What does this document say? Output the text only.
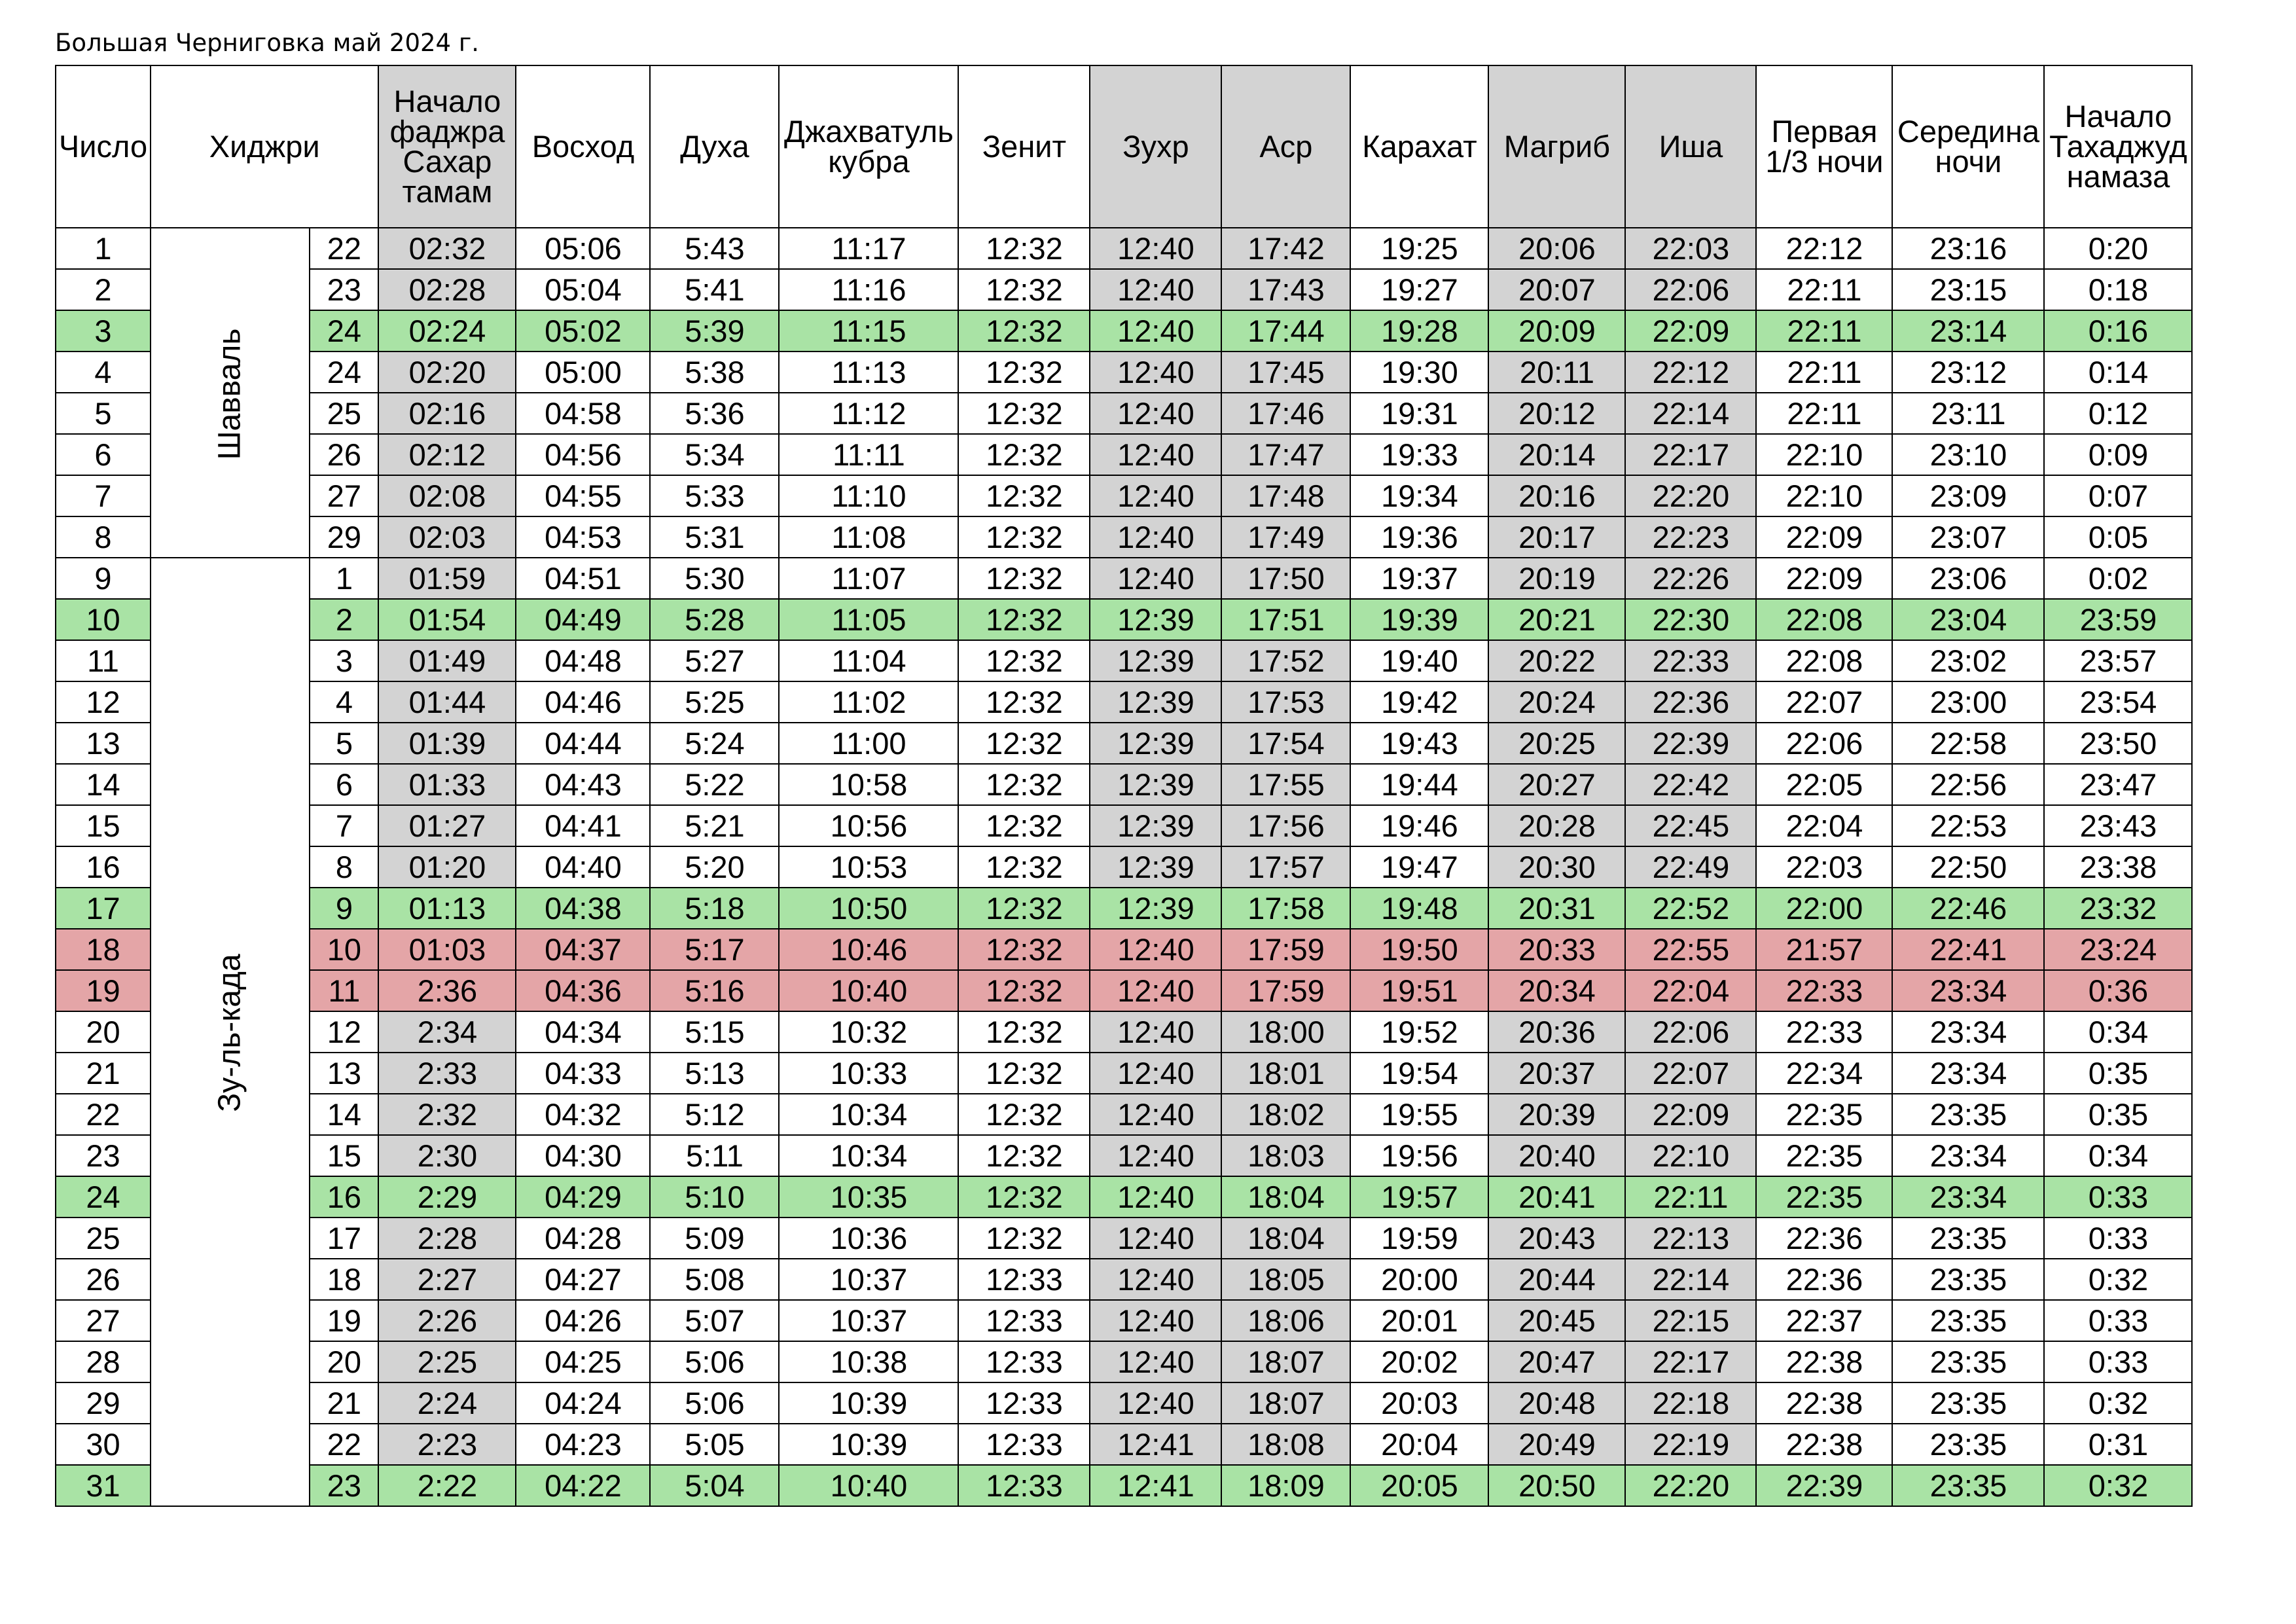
Большая Черниговка май 2024 г.
Число	Хиджри		Начало
фаджра
Сахар
тамам	Восход	Духа	Джахватуль
кубра	Зенит	Зухр	Аср	Карахат	Магриб	Иша	Первая
1/3 ночи	Середина
ночи	Начало
Тахаджуд
намаза
1	Шавваль	22	02:32	05:06	5:43	11:17	12:32	12:40	17:42	19:25	20:06	22:03	22:12	23:16	0:20
2		23	02:28	05:04	5:41	11:16	12:32	12:40	17:43	19:27	20:07	22:06	22:11	23:15	0:18
3		24	02:24	05:02	5:39	11:15	12:32	12:40	17:44	19:28	20:09	22:09	22:11	23:14	0:16
4		24	02:20	05:00	5:38	11:13	12:32	12:40	17:45	19:30	20:11	22:12	22:11	23:12	0:14
5		25	02:16	04:58	5:36	11:12	12:32	12:40	17:46	19:31	20:12	22:14	22:11	23:11	0:12
6		26	02:12	04:56	5:34	11:11	12:32	12:40	17:47	19:33	20:14	22:17	22:10	23:10	0:09
7		27	02:08	04:55	5:33	11:10	12:32	12:40	17:48	19:34	20:16	22:20	22:10	23:09	0:07
8		29	02:03	04:53	5:31	11:08	12:32	12:40	17:49	19:36	20:17	22:23	22:09	23:07	0:05
9	Зу-ль-када	1	01:59	04:51	5:30	11:07	12:32	12:40	17:50	19:37	20:19	22:26	22:09	23:06	0:02
10		2	01:54	04:49	5:28	11:05	12:32	12:39	17:51	19:39	20:21	22:30	22:08	23:04	23:59
11		3	01:49	04:48	5:27	11:04	12:32	12:39	17:52	19:40	20:22	22:33	22:08	23:02	23:57
12		4	01:44	04:46	5:25	11:02	12:32	12:39	17:53	19:42	20:24	22:36	22:07	23:00	23:54
13		5	01:39	04:44	5:24	11:00	12:32	12:39	17:54	19:43	20:25	22:39	22:06	22:58	23:50
14		6	01:33	04:43	5:22	10:58	12:32	12:39	17:55	19:44	20:27	22:42	22:05	22:56	23:47
15		7	01:27	04:41	5:21	10:56	12:32	12:39	17:56	19:46	20:28	22:45	22:04	22:53	23:43
16		8	01:20	04:40	5:20	10:53	12:32	12:39	17:57	19:47	20:30	22:49	22:03	22:50	23:38
17		9	01:13	04:38	5:18	10:50	12:32	12:39	17:58	19:48	20:31	22:52	22:00	22:46	23:32
18		10	01:03	04:37	5:17	10:46	12:32	12:40	17:59	19:50	20:33	22:55	21:57	22:41	23:24
19		11	2:36	04:36	5:16	10:40	12:32	12:40	17:59	19:51	20:34	22:04	22:33	23:34	0:36
20		12	2:34	04:34	5:15	10:32	12:32	12:40	18:00	19:52	20:36	22:06	22:33	23:34	0:34
21		13	2:33	04:33	5:13	10:33	12:32	12:40	18:01	19:54	20:37	22:07	22:34	23:34	0:35
22		14	2:32	04:32	5:12	10:34	12:32	12:40	18:02	19:55	20:39	22:09	22:35	23:35	0:35
23		15	2:30	04:30	5:11	10:34	12:32	12:40	18:03	19:56	20:40	22:10	22:35	23:34	0:34
24		16	2:29	04:29	5:10	10:35	12:32	12:40	18:04	19:57	20:41	22:11	22:35	23:34	0:33
25		17	2:28	04:28	5:09	10:36	12:32	12:40	18:04	19:59	20:43	22:13	22:36	23:35	0:33
26		18	2:27	04:27	5:08	10:37	12:33	12:40	18:05	20:00	20:44	22:14	22:36	23:35	0:32
27		19	2:26	04:26	5:07	10:37	12:33	12:40	18:06	20:01	20:45	22:15	22:37	23:35	0:33
28		20	2:25	04:25	5:06	10:38	12:33	12:40	18:07	20:02	20:47	22:17	22:38	23:35	0:33
29		21	2:24	04:24	5:06	10:39	12:33	12:40	18:07	20:03	20:48	22:18	22:38	23:35	0:32
30		22	2:23	04:23	5:05	10:39	12:33	12:41	18:08	20:04	20:49	22:19	22:38	23:35	0:31
31		23	2:22	04:22	5:04	10:40	12:33	12:41	18:09	20:05	20:50	22:20	22:39	23:35	0:32
